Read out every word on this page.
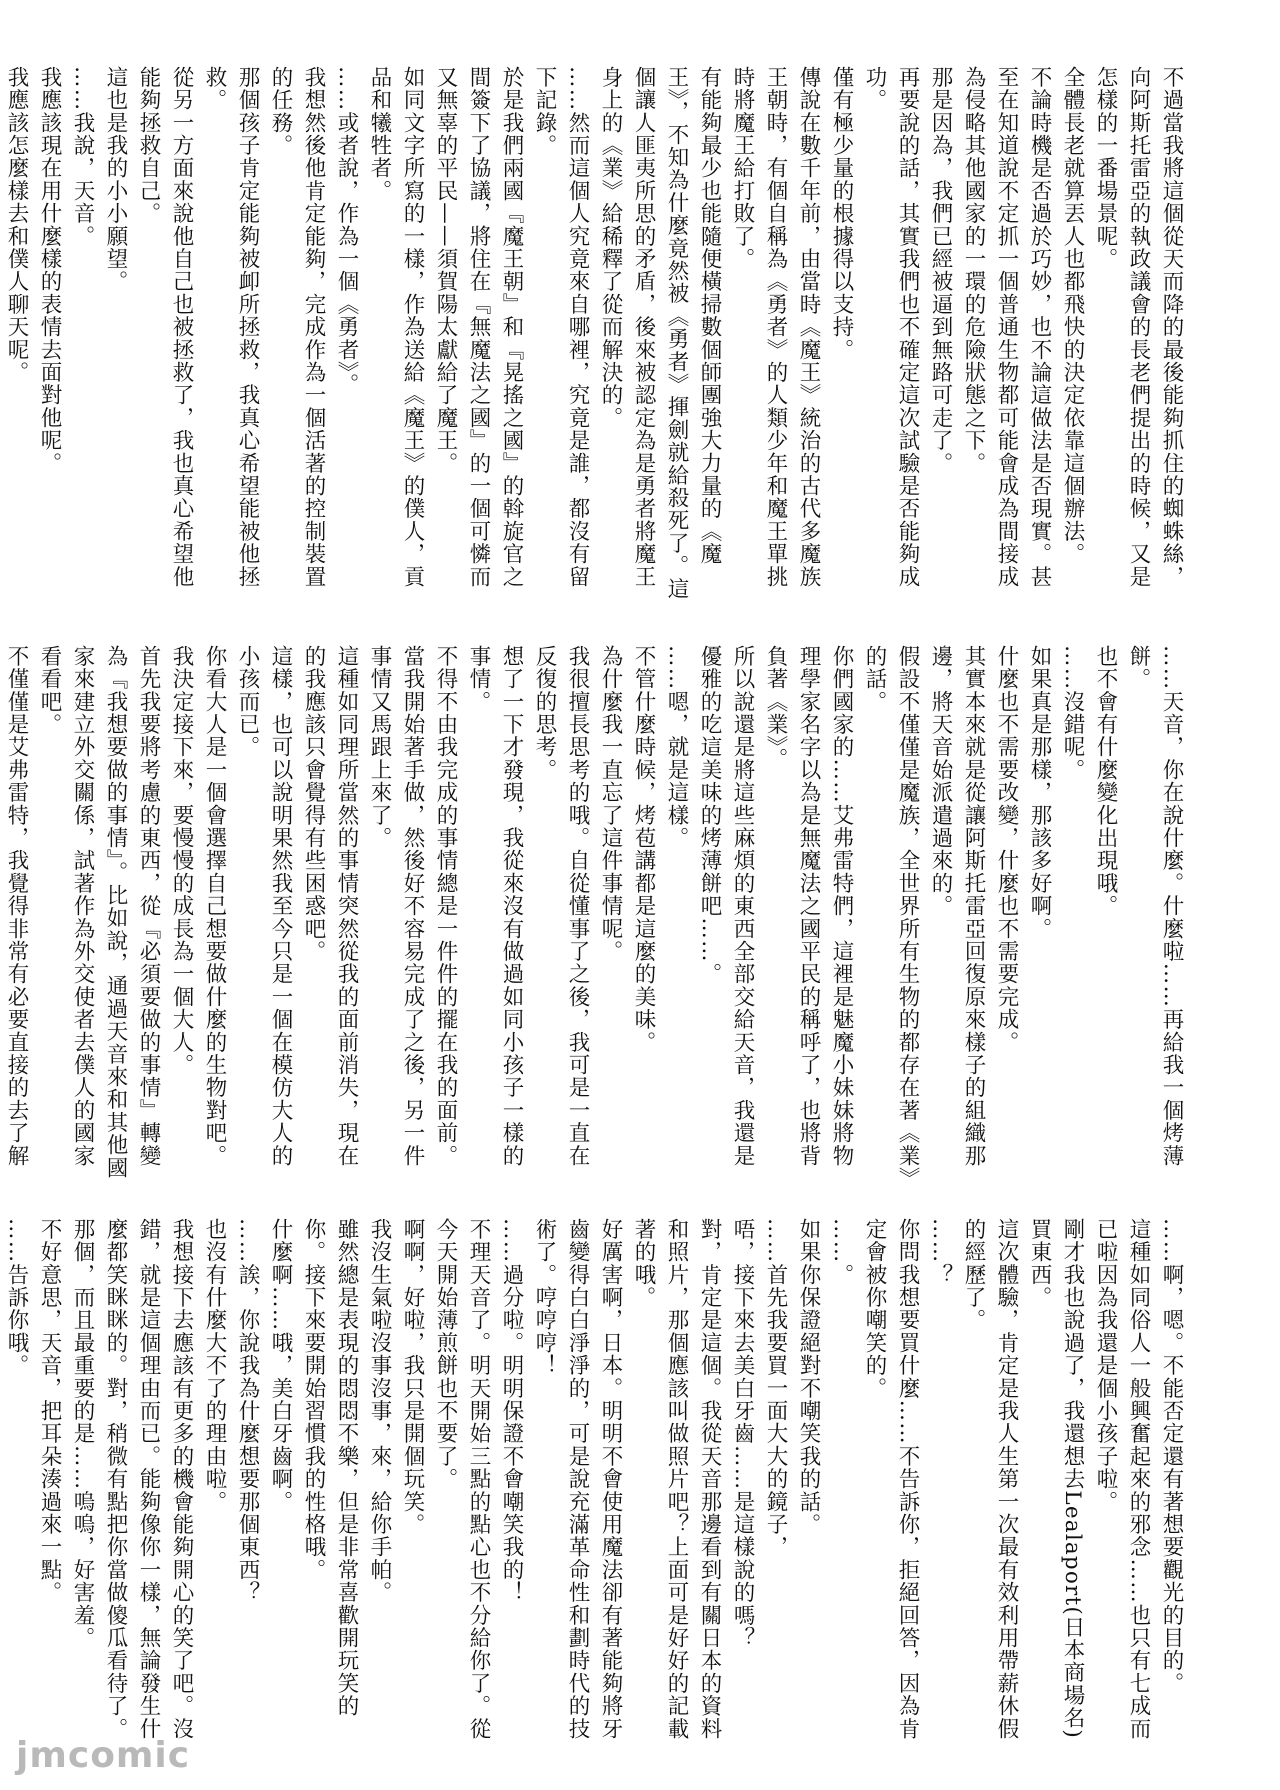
不過當我將這個從天而降的最後能夠抓住的蜘蛛絲，向阿斯托雷亞的執政議會的長老們提出的時候，又是怎樣的一番場景呢。

全體長老就算丟人也都飛快的決定依靠這個辦法。

不論時機是否過於巧妙，也不論這做法是否現實。甚至在知道說不定抓一個普通生物都可能會成為間接成為侵略其他國家的一環的危險狀態之下。

那是因為，我們已經被逼到無路可走了。

再要說的話，其實我們也不確定這次試驗是否能夠成功。

僅有極少量的根據得以支持。

傳說在數千年前，由當時《魔王》統治的古代多魔族王朝時，有個自稱為《勇者》的人類少年和魔王單挑時將魔王給打敗了。

有能夠最少也能隨便橫掃數個師團強大力量的《魔王》，不知為什麼竟然被《勇者》揮劍就給殺死了。這個讓人匪夷所思的矛盾，後來被認定為是勇者將魔王身上的《業》給稀釋了從而解決的。

……然而這個人究竟來自哪裡，究竟是誰，都沒有留下記錄。

於是我們兩國『魔王朝』和『晃搖之國』的斡旋官之間簽下了協議，將住在『無魔法之國』的一個可憐而又無辜的平民——須賀陽太獻給了魔王。

如同文字所寫的一樣，作為送給《魔王》的僕人，貢品和犧牲者。

……或者說，作為一個《勇者》。

我想然後他肯定能夠，完成作為一個活著的控制裝置的任務。

那個孩子肯定能夠被卹所拯救，我真心希望能被他拯救。

從另一方面來說他自己也被拯救了，我也真心希望他能夠拯救自己。

這也是我的小小願望。

……我說，天音。

我應該現在用什麼樣的表情去面對他呢。

我應該怎麼樣去和僕人聊天呢。

……天音，你在說什麼。什麼啦……再給我一個烤薄餅。

也不會有什麼變化出現哦。

……沒錯呢。

如果真是那樣，那該多好啊。

什麼也不需要改變，什麼也不需要完成。

其實本來就是從讓阿斯托雷亞回復原來樣子的組織那邊，將天音始派遣過來的。

假設不僅僅是魔族，全世界所有生物的都存在著《業》的話。

你們國家的……艾弗雷特們，這裡是魅魔小妹妹將物理學家名字以為是無魔法之國平民的稱呼了，也將背負著《業》。

所以說還是將這些麻煩的東西全部交給天音，我還是優雅的吃這美味的烤薄餅吧……。

……嗯，就是這樣。

不管什麼時候，烤苞講都是這麼的美味。

為什麼我一直忘了這件事情呢。

我很擅長思考的哦。自從懂事了之後，我可是一直在反復的思考。

想了一下才發現，我從來沒有做過如同小孩子一樣的事情。

不得不由我完成的事情總是一件件的擺在我的面前。

當我開始著手做，然後好不容易完成了之後，另一件事情又馬跟上來了。

這種如同理所當然的事情突然從我的面前消失，現在的我應該只會覺得有些困惑吧。

這樣，也可以說明果然我至今只是一個在模仿大人的小孩而已。

你看大人是一個會選擇自己想要做什麼的生物對吧。

我決定接下來，要慢慢的成長為一個大人。

首先我要將考慮的東西，從『必須要做的事情』轉變為『我想要做的事情』。比如說，通過天音來和其他國家來建立外交關係，試著作為外交使者去僕人的國家看看吧。

不僅僅是艾弗雷特，我覺得非常有必要直接的去了解

……啊，嗯。不能否定還有著想要觀光的目的。

這種如同俗人一般興奮起來的邪念……也只有七成而已啦因為我還是個小孩子啦。

剛才我也說過了，我還想去Lealaport(日本商場名)買東西。

這次體驗，肯定是我人生第一次最有效利用帶薪休假的經歷了。

……？

你問我想要買什麼……不告訴你，拒絕回答，因為肯定會被你嘲笑的。

……。

如果你保證絕對不嘲笑我的話。

……首先我要買一面大大的鏡子，

唔，接下來去美白牙齒……是這樣說的嗎？

對，肯定是這個。我從天音那邊看到有關日本的資料和照片，那個應該叫做照片吧？上面可是好好的記載著的哦。

好厲害啊，日本。明明不會使用魔法卻有著能夠將牙齒變得白白淨淨的，可是說充滿革命性和劃時代的技術了。哼哼哼！

……過分啦。明明保證不會嘲笑我的！

不理天音了。明天開始三點的點心也不分給你了。從今天開始薄煎餅也不要了。

啊啊，好啦，我只是開個玩笑。

我沒生氣啦沒事沒事，來，給你手帕。

雖然總是表現的悶悶不樂，但是非常喜歡開玩笑的你。接下來要開始習慣我的性格哦。

什麼啊……哦，美白牙齒啊。

……誒，你說我為什麼想要那個東西？

也沒有什麼大不了的理由啦。

我想接下去應該有更多的機會能夠開心的笑了吧。沒錯，就是這個理由而已。能夠像你一樣，無論發生什麼都笑眯眯的。對，稍微有點把你當做傻瓜看待了。

那個，而且最重要的是……嗚嗚，好害羞。

不好意思，天音，把耳朵湊過來一點。

……告訴你哦。

jmcomic
